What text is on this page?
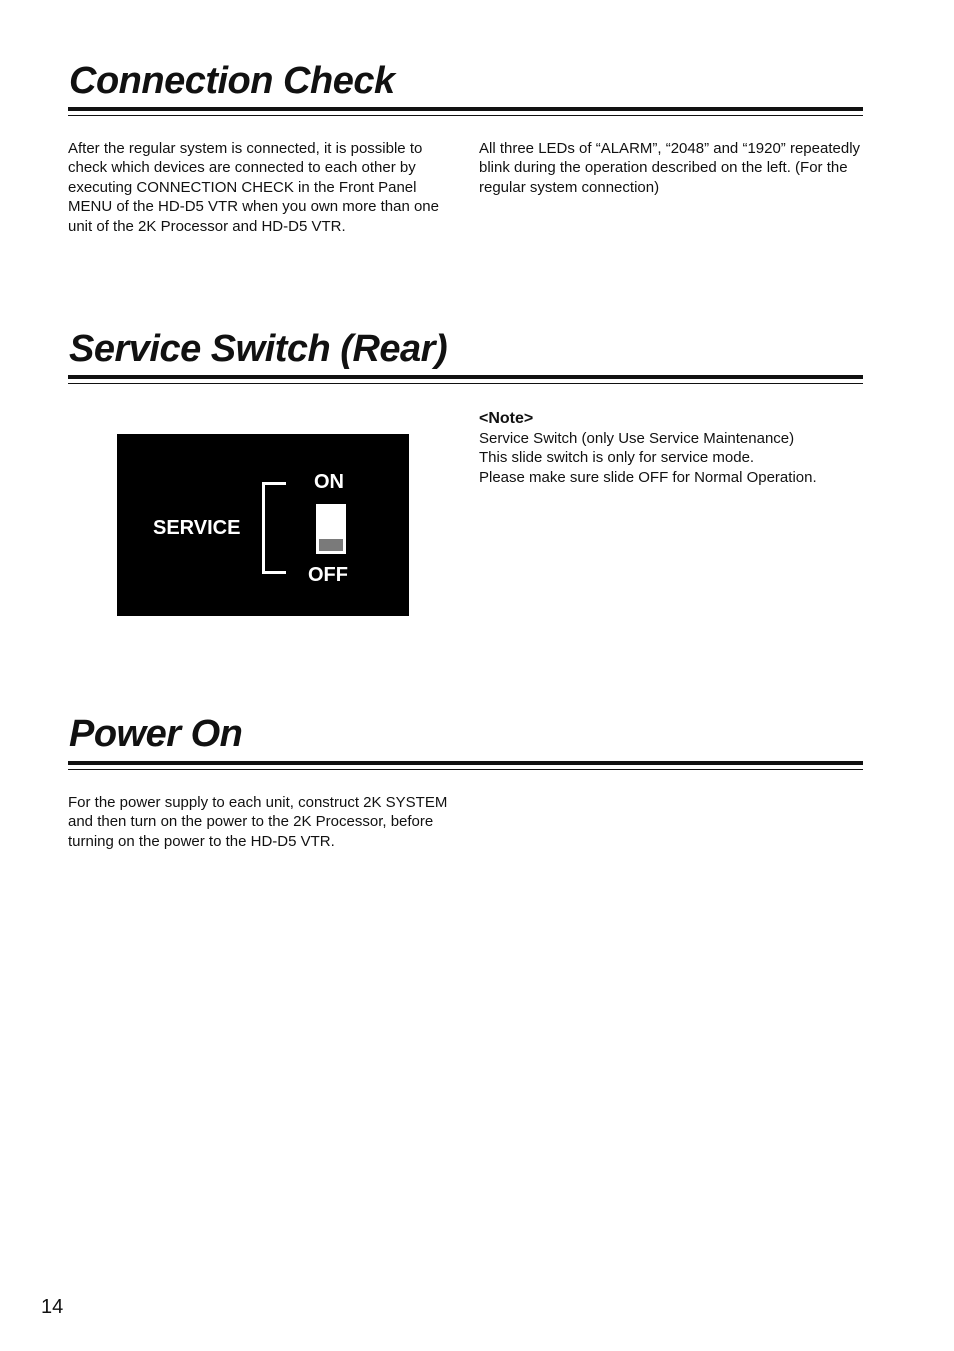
Connection Check

After the regular system is connected, it is possible to check which devices are connected to each other by executing CONNECTION CHECK in the Front Panel MENU of the HD-D5 VTR when you own more than one unit of the 2K Processor and HD-D5 VTR.

All three LEDs of “ALARM”, “2048” and “1920” repeatedly blink during the operation described on the left. (For the regular system connection)

Service Switch (Rear)
SERVICE
ON
OFF

<Note>

Service Switch (only Use Service Maintenance)

This slide switch is only for service mode.

Please make sure slide OFF for Normal Operation.

Power On

For the power supply to each unit, construct 2K SYSTEM and then turn on the power to the 2K Processor, before turning on the power to the HD-D5 VTR.

14
